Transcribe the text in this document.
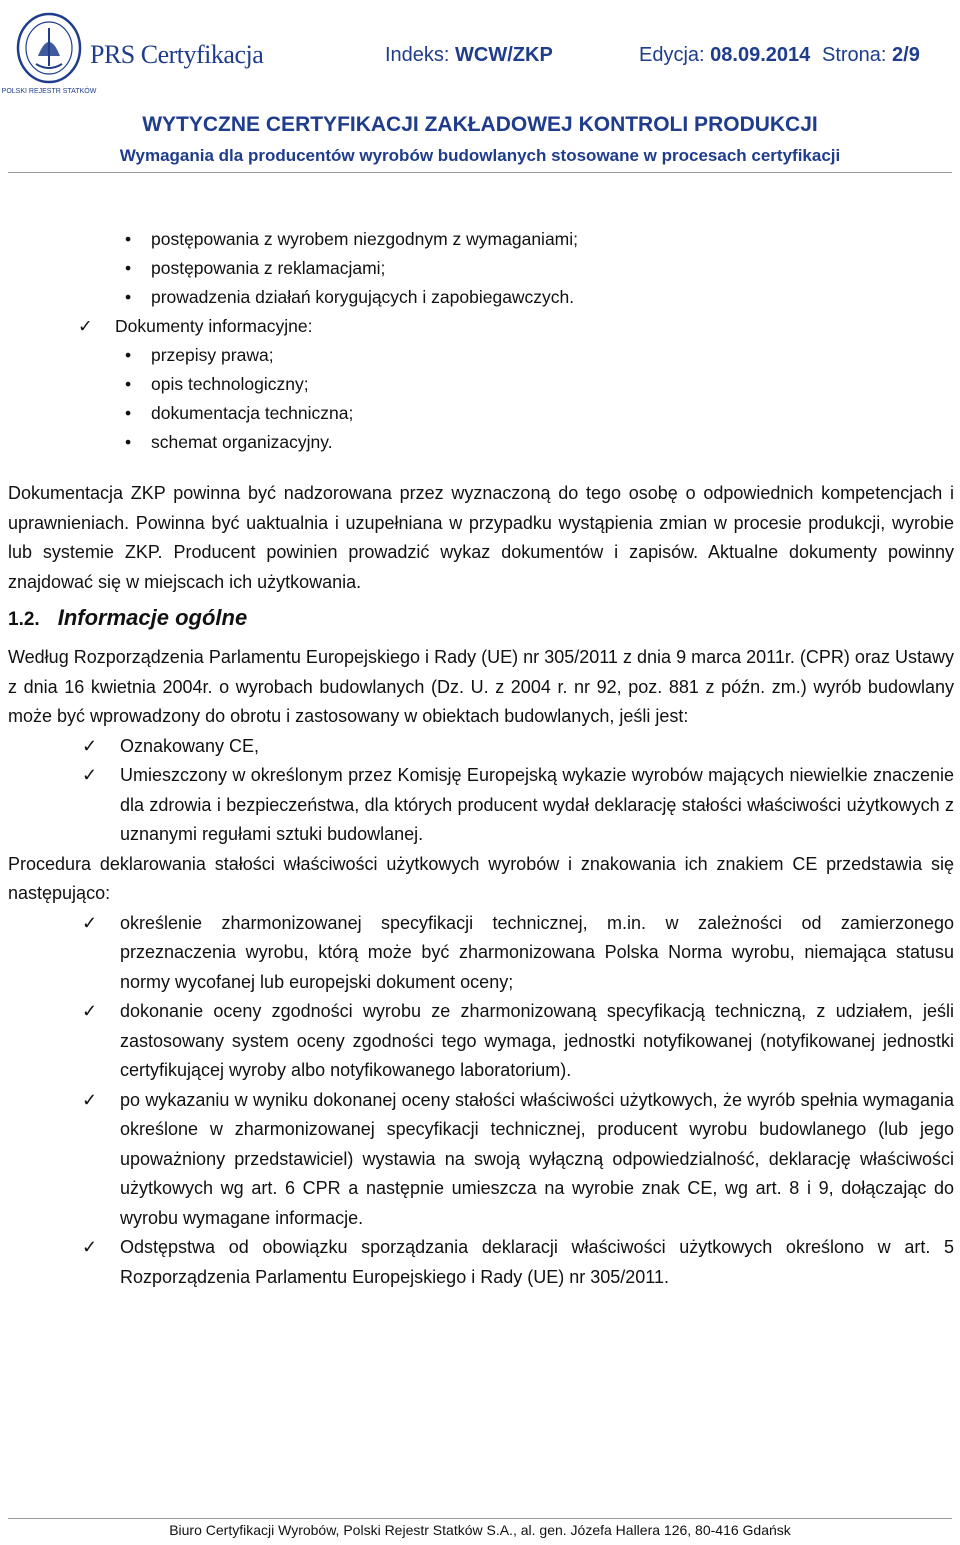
POLSKI REJESTR STATKÓW
PRS Certyfikacja	Indeks: WCW/ZKP	Edycja: 08.09.2014 Strona: 2/9
WYTYCZNE CERTYFIKACJI ZAKŁADOWEJ KONTROLI PRODUKCJI
Wymagania dla producentów wyrobów budowlanych stosowane w procesach certyfikacji
• postępowania z wyrobem niezgodnym z wymaganiami;
• postępowania z reklamacjami;
• prowadzenia działań korygujących i zapobiegawczych.
✓ Dokumenty informacyjne:
• przepisy prawa;
• opis technologiczny;
• dokumentacja techniczna;
• schemat organizacyjny.
Dokumentacja ZKP powinna być nadzorowana przez wyznaczoną do tego osobę o odpowiednich kompetencjach i uprawnieniach. Powinna być uaktualnia i uzupełniana w przypadku wystąpienia zmian w procesie produkcji, wyrobie lub systemie ZKP. Producent powinien prowadzić wykaz dokumentów i zapisów. Aktualne dokumenty powinny znajdować się w miejscach ich użytkowania.
1.2. Informacje ogólne
Według Rozporządzenia Parlamentu Europejskiego i Rady (UE) nr 305/2011 z dnia 9 marca 2011r. (CPR) oraz Ustawy z dnia 16 kwietnia 2004r. o wyrobach budowlanych (Dz. U. z 2004 r. nr 92, poz. 881 z późn. zm.) wyrób budowlany może być wprowadzony do obrotu i zastosowany w obiektach budowlanych, jeśli jest:
✓ Oznakowany CE,
✓ Umieszczony w określonym przez Komisję Europejską wykazie wyrobów mających niewielkie znaczenie dla zdrowia i bezpieczeństwa, dla których producent wydał deklarację stałości właściwości użytkowych z uznanymi regułami sztuki budowlanej.
Procedura deklarowania stałości właściwości użytkowych wyrobów i znakowania ich znakiem CE przedstawia się następująco:
✓ określenie zharmonizowanej specyfikacji technicznej, m.in. w zależności od zamierzonego przeznaczenia wyrobu, którą może być zharmonizowana Polska Norma wyrobu, niemająca statusu normy wycofanej lub europejski dokument oceny;
✓ dokonanie oceny zgodności wyrobu ze zharmonizowaną specyfikacją techniczną, z udziałem, jeśli zastosowany system oceny zgodności tego wymaga, jednostki notyfikowanej (notyfikowanej jednostki certyfikującej wyroby albo notyfikowanego laboratorium).
✓ po wykazaniu w wyniku dokonanej oceny stałości właściwości użytkowych, że wyrób spełnia wymagania określone w zharmonizowanej specyfikacji technicznej, producent wyrobu budowlanego (lub jego upoważniony przedstawiciel) wystawia na swoją wyłączną odpowiedzialność, deklarację właściwości użytkowych wg art. 6 CPR a następnie umieszcza na wyrobie znak CE, wg art. 8 i 9, dołączając do wyrobu wymagane informacje.
✓ Odstępstwa od obowiązku sporządzania deklaracji właściwości użytkowych określono w art. 5 Rozporządzenia Parlamentu Europejskiego i Rady (UE) nr 305/2011.
Biuro Certyfikacji Wyrobów, Polski Rejestr Statków S.A., al. gen. Józefa Hallera 126, 80-416 Gdańsk
